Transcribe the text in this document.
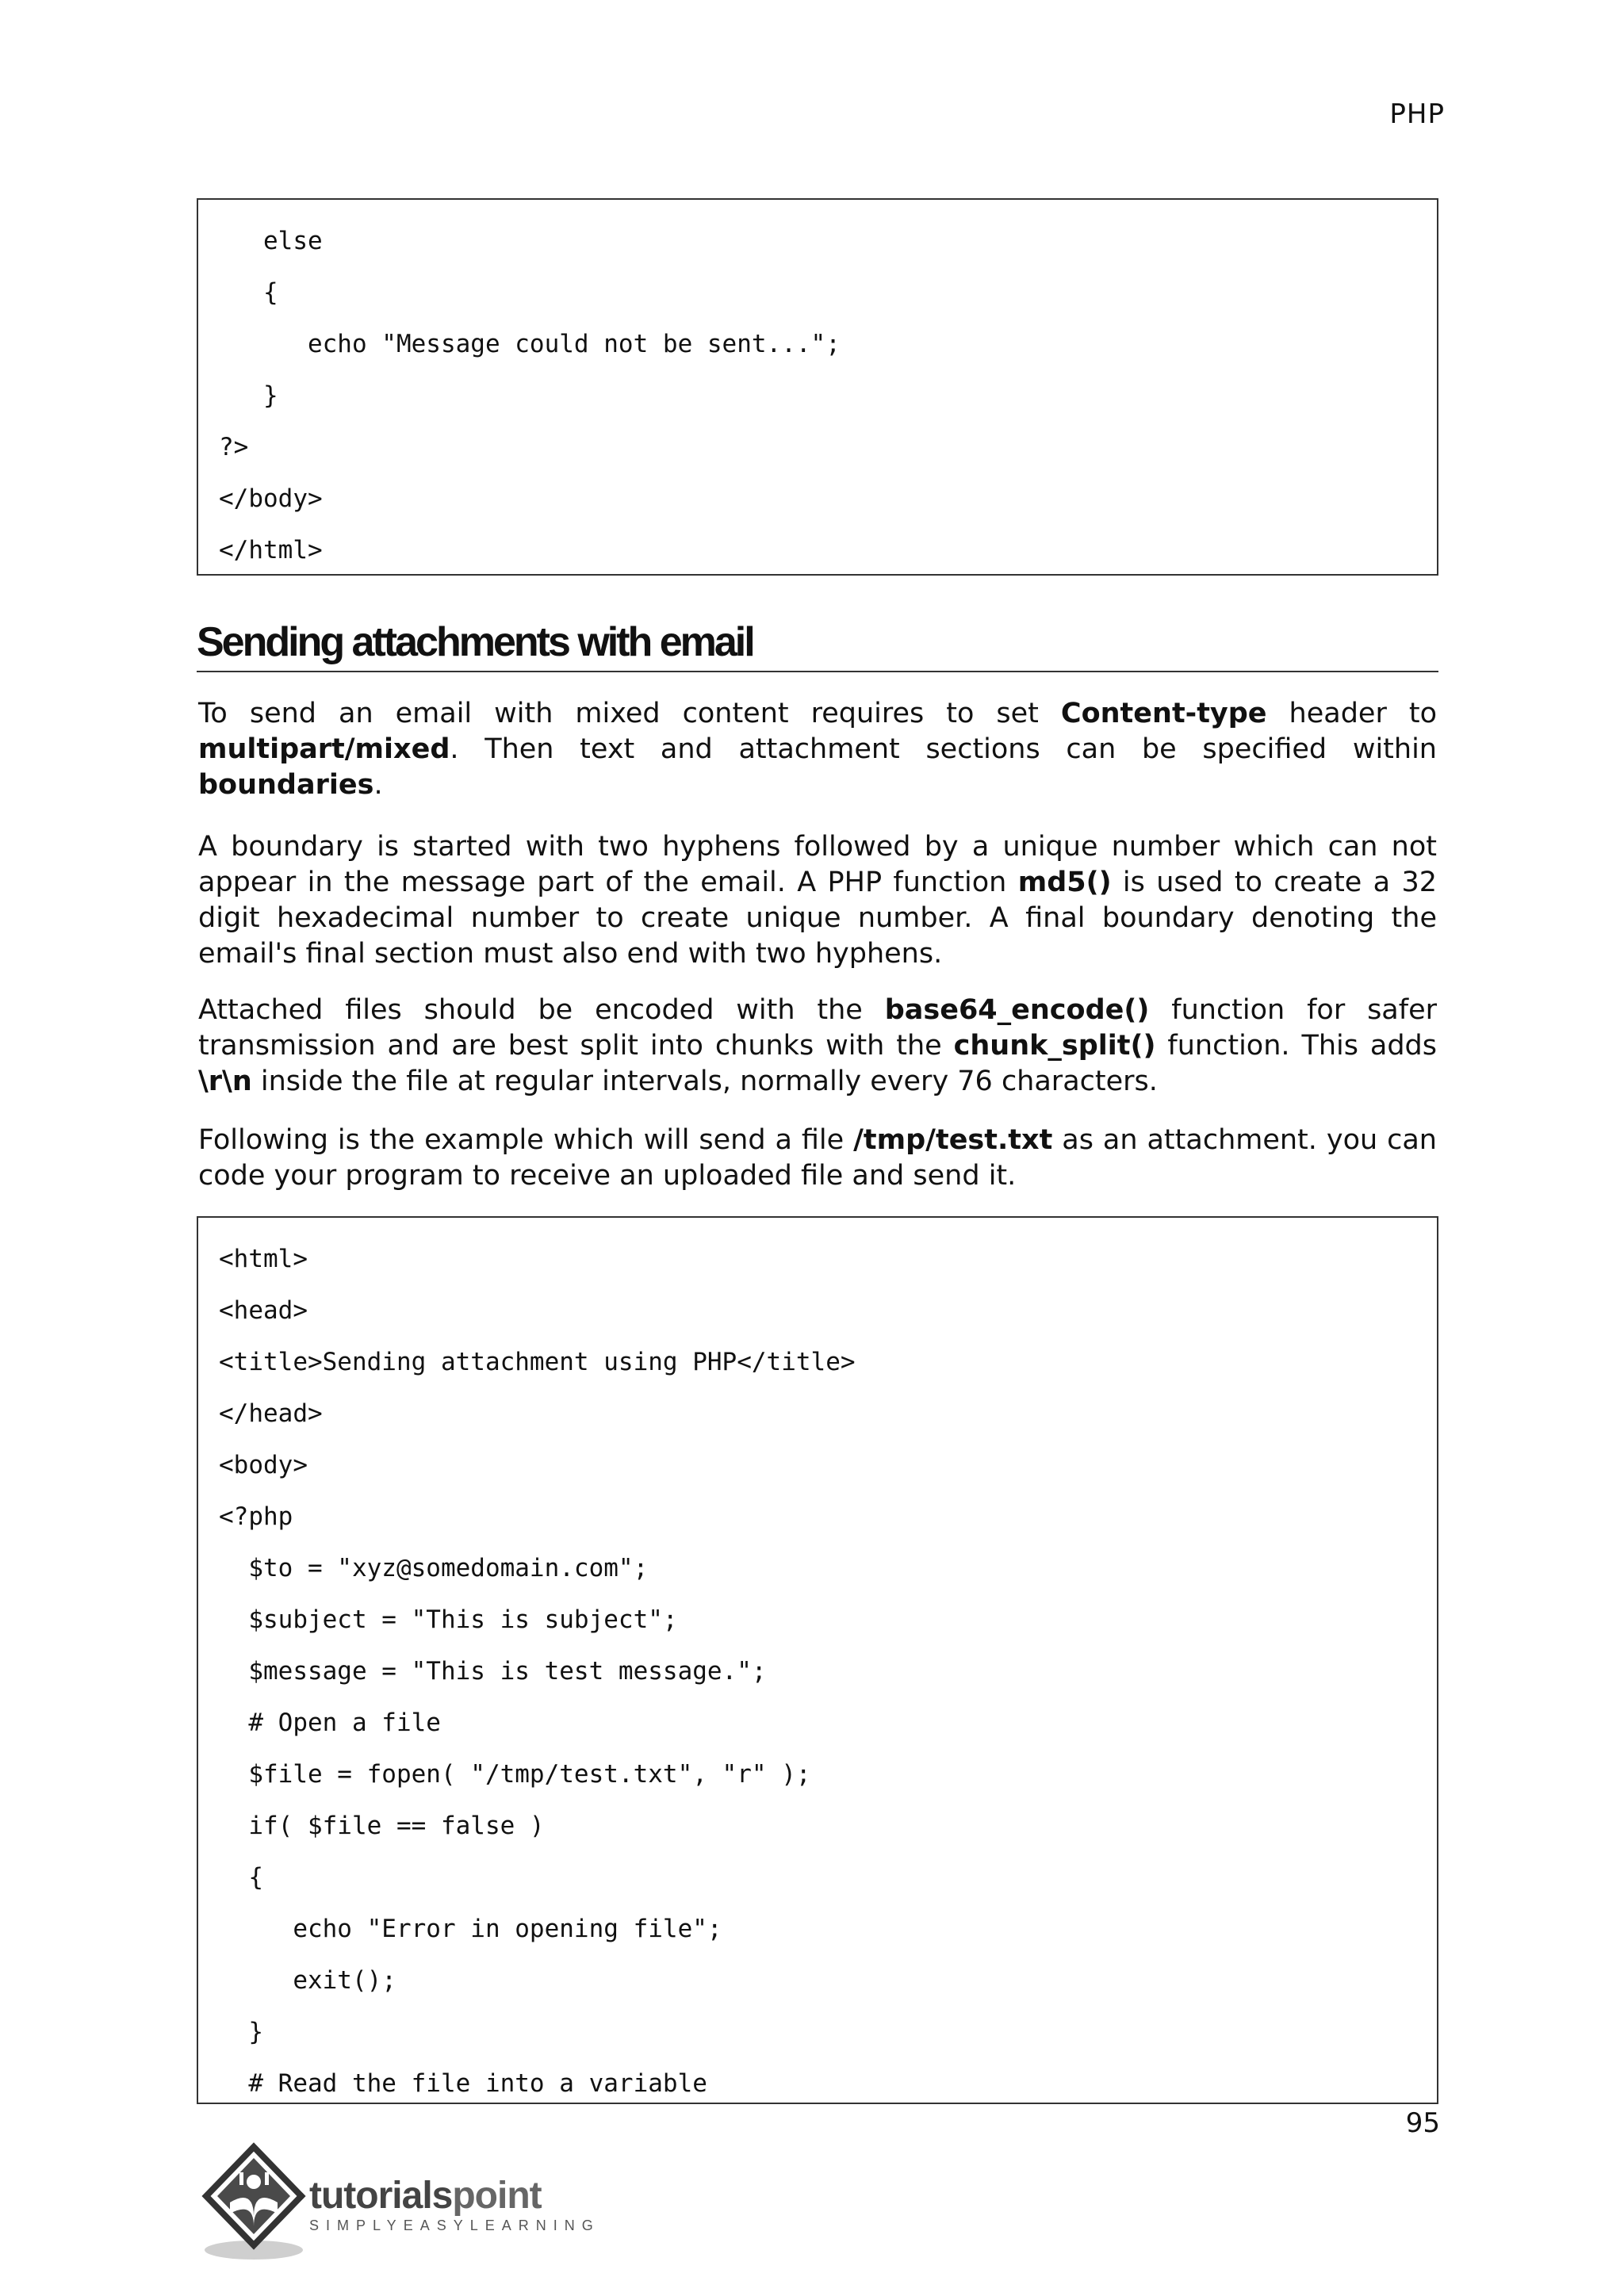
PHP
else
{
echo "Message could not be sent...";
}
?>
</body>
</html>
Sending attachments with email

To send an email with mixed content requires to set Content-type header to multipart/mixed. Then text and attachment sections can be specified within boundaries.

A boundary is started with two hyphens followed by a unique number which can not appear in the message part of the email. A PHP function md5() is used to create a 32 digit hexadecimal number to create unique number. A final boundary denoting the email's final section must also end with two hyphens.

Attached files should be encoded with the base64_encode() function for safer transmission and are best split into chunks with the chunk_split() function. This adds \r\n inside the file at regular intervals, normally every 76 characters.

Following is the example which will send a file /tmp/test.txt as an attachment. you can code your program to receive an uploaded file and send it.

<html>
<head>
<title>Sending attachment using PHP</title>
</head>
<body>
<?php
$to = "xyz@somedomain.com";
$subject = "This is subject";
$message = "This is test message.";
# Open a file
$file = fopen( "/tmp/test.txt", "r" );
if( $file == false )
{
echo "Error in opening file";
exit();
}
# Read the file into a variable
95
tutorialspoint
SIMPLYEASYLEARNING
